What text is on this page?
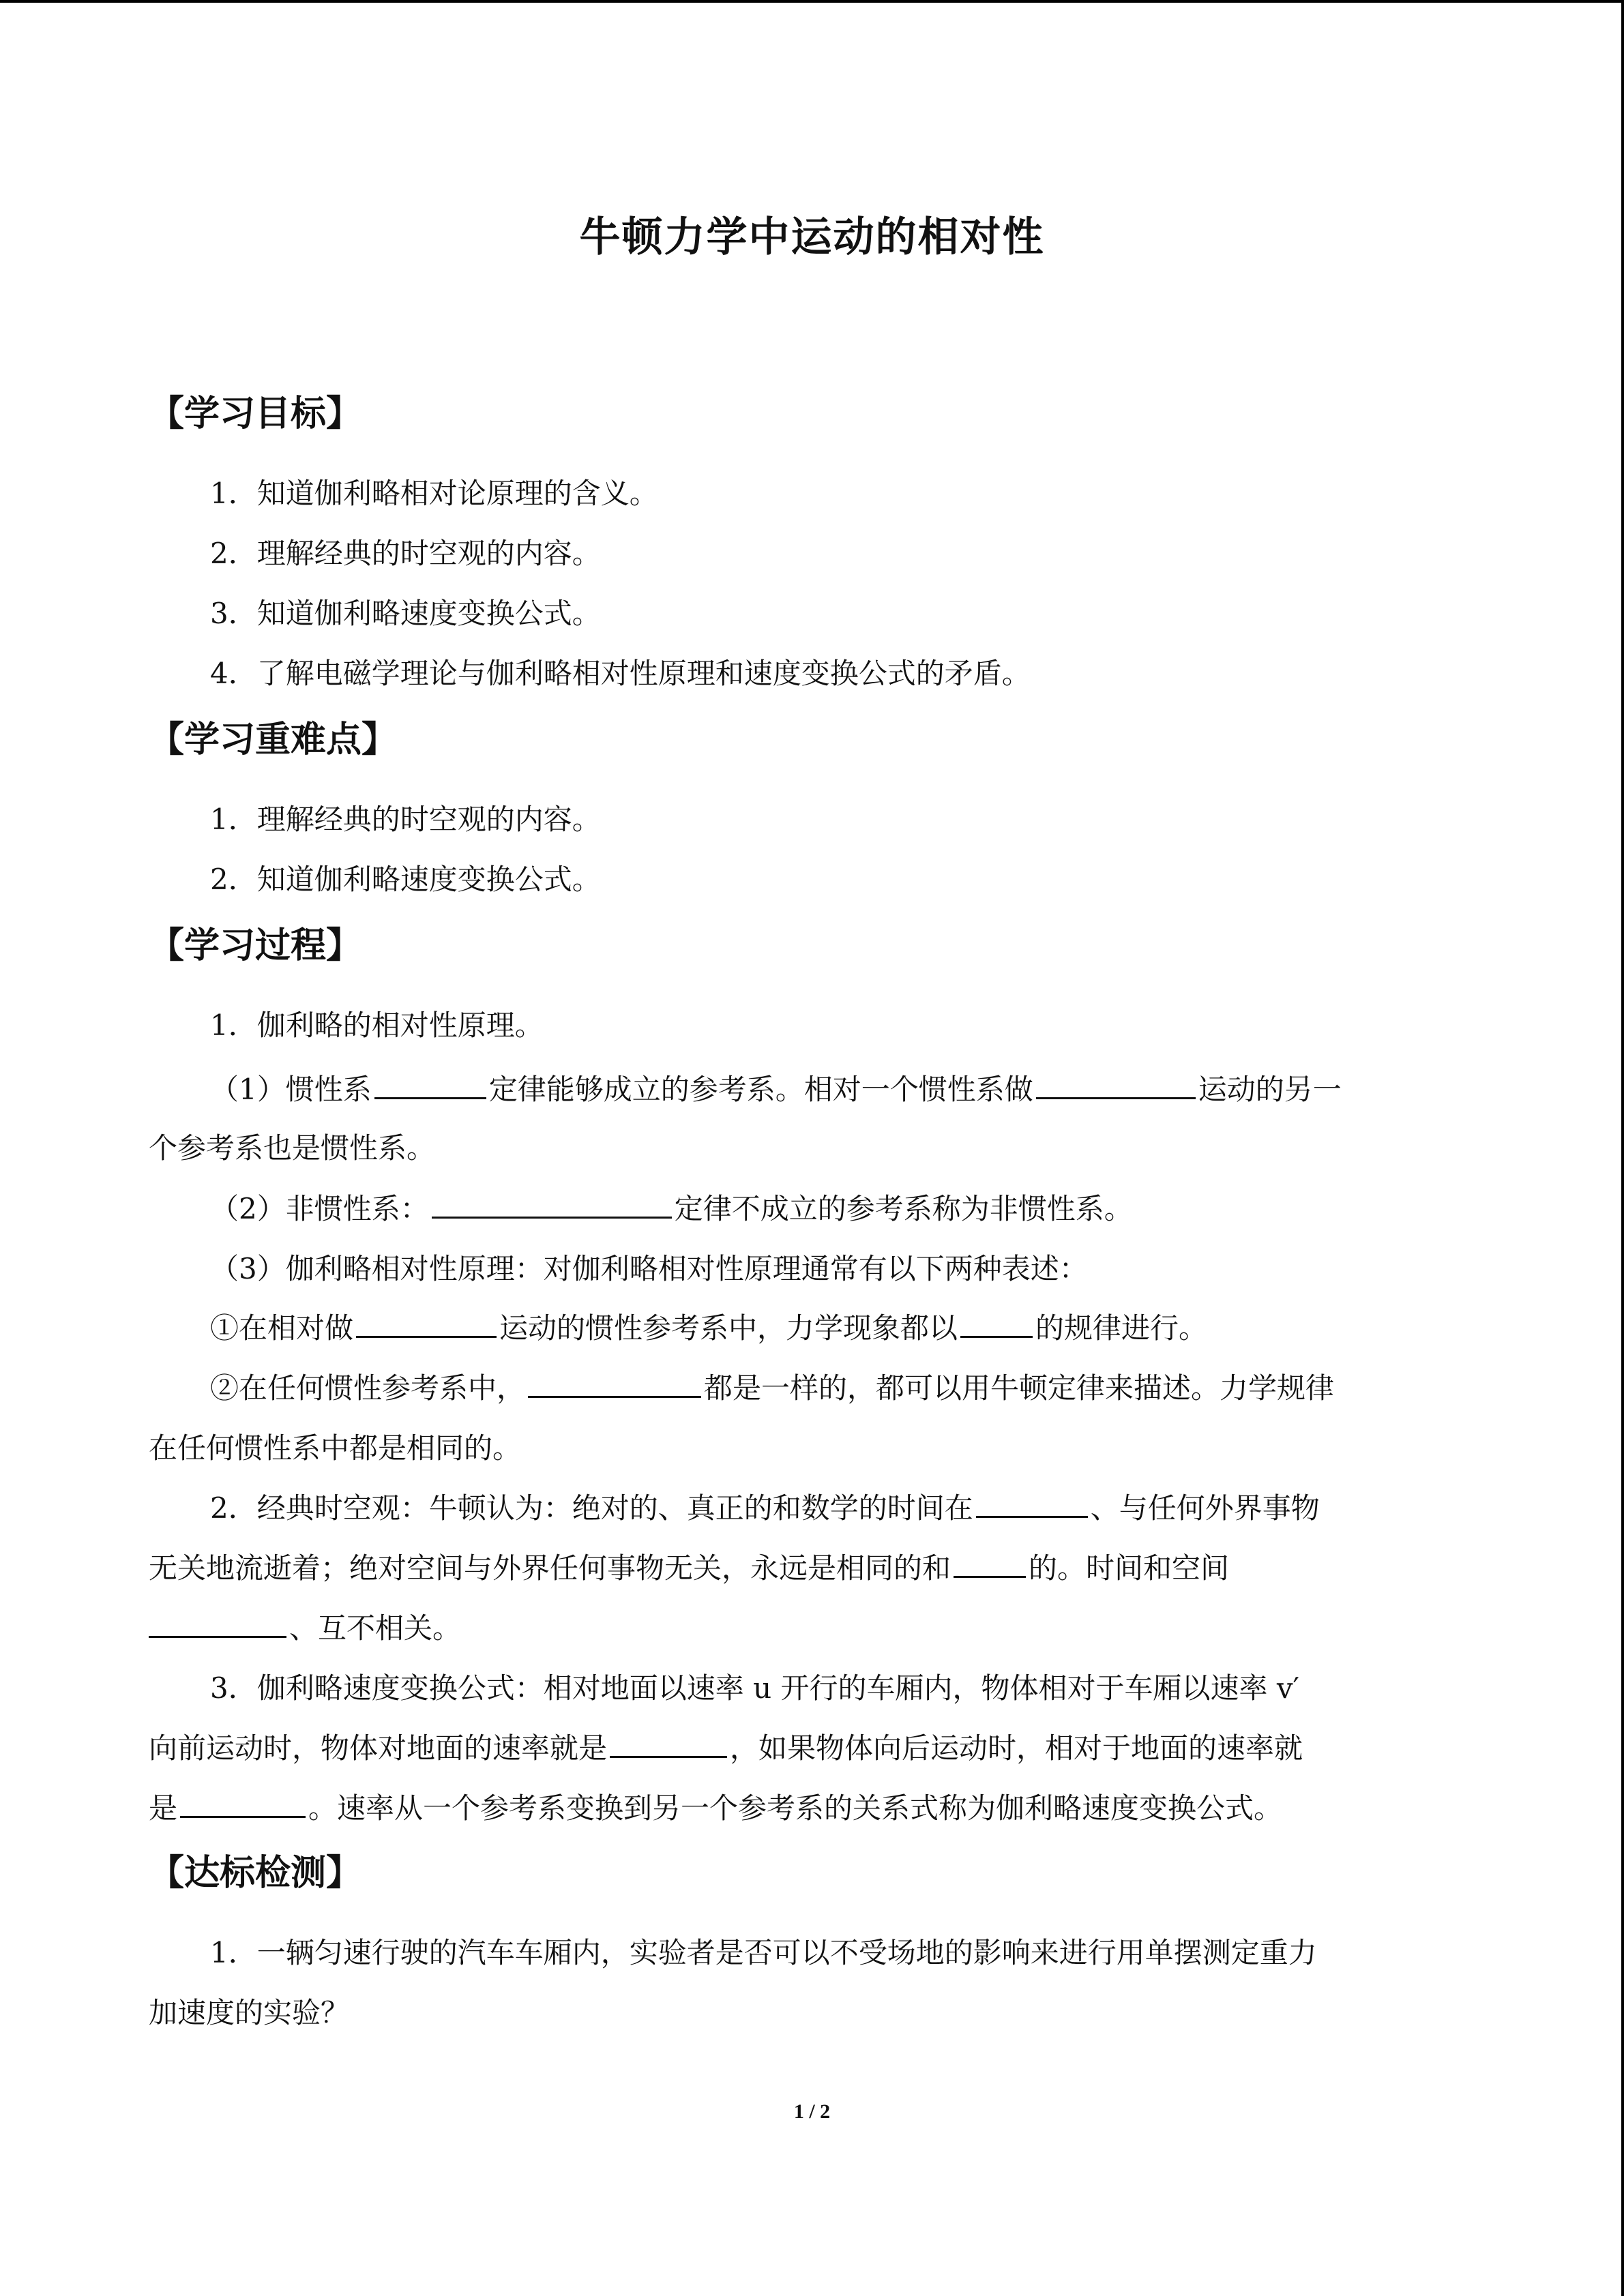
牛顿力学中运动的相对性
【学习目标】
1．知道伽利略相对论原理的含义。
2．理解经典的时空观的内容。
3．知道伽利略速度变换公式。
4．了解电磁学理论与伽利略相对性原理和速度变换公式的矛盾。
【学习重难点】
1．理解经典的时空观的内容。
2．知道伽利略速度变换公式。
【学习过程】
1．伽利略的相对性原理。
（1）惯性系	定律能够成立的参考系。相对一个惯性系做	运动的另一
个参考系也是惯性系。
（2）非惯性系：	定律不成立的参考系称为非惯性系。
（3）伽利略相对性原理：对伽利略相对性原理通常有以下两种表述：
①在相对做	运动的惯性参考系中，力学现象都以	的规律进行。
②在任何惯性参考系中，	都是一样的，都可以用牛顿定律来描述。力学规律
在任何惯性系中都是相同的。
2．经典时空观：牛顿认为：绝对的、真正的和数学的时间在	、与任何外界事物
无关地流逝着；绝对空间与外界任何事物无关，永远是相同的和	的。时间和空间
、互不相关。
3．伽利略速度变换公式：相对地面以速率 u 开行的车厢内，物体相对于车厢以速率 v′
向前运动时，物体对地面的速率就是	，如果物体向后运动时，相对于地面的速率就
是	。速率从一个参考系变换到另一个参考系的关系式称为伽利略速度变换公式。
【达标检测】
1．一辆匀速行驶的汽车车厢内，实验者是否可以不受场地的影响来进行用单摆测定重力
加速度的实验？
1 / 2
